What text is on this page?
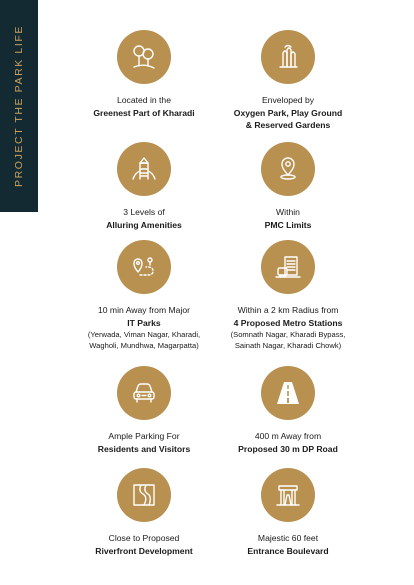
PROJECT THE PARK LIFE	Located in the
Greenest Part of Kharadi
Enveloped by
Oxygen Park, Play Ground
& Reserved Gardens
3 Levels of
Alluring Amenities
Within
PMC Limits
10 min Away from Major
IT Parks
(Yerwada, Viman Nagar, Kharadi,
Wagholi, Mundhwa, Magarpatta)
Within a 2 km Radius from
4 Proposed Metro Stations
(Somnath Nagar, Kharadi Bypass,
Sainath Nagar, Kharadi Chowk)
Ample Parking For
Residents and Visitors
400 m Away from
Proposed 30 m DP Road
Close to Proposed
Riverfront Development
Majestic 60 feet
Entrance Boulevard
